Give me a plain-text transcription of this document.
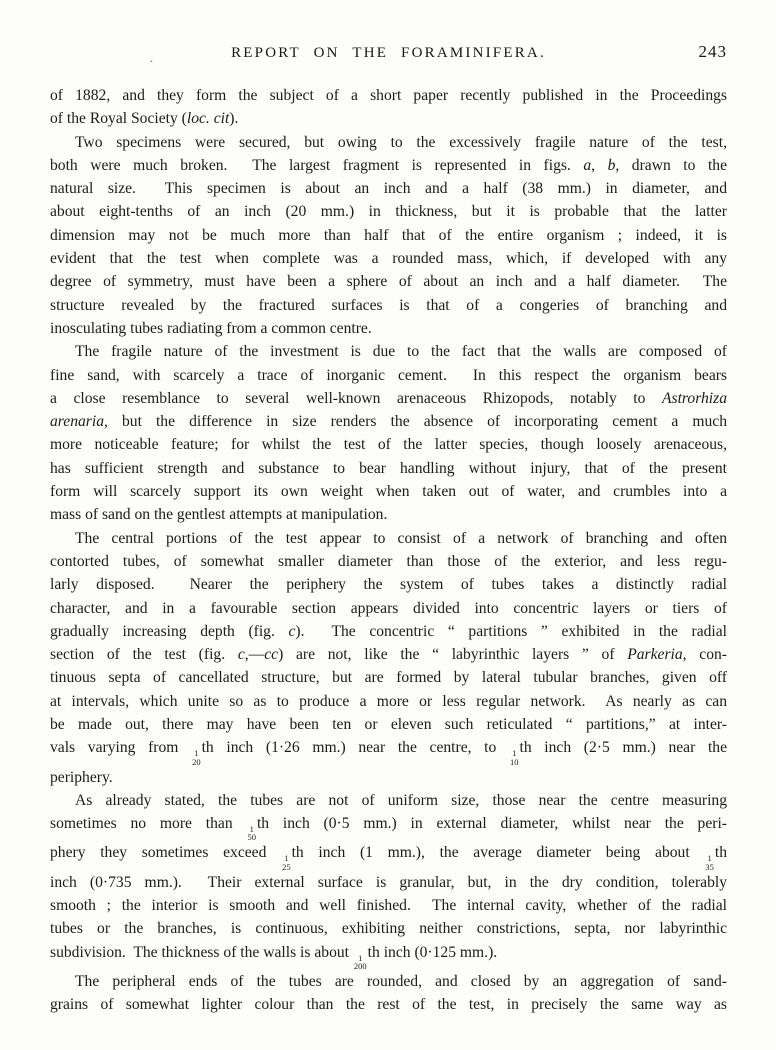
.	REPORT ON THE FORAMINIFERA.	243
of 1882, and they form the subject of a short paper recently published in the Proceedings
of the Royal Society (loc. cit).
Two specimens were secured, but owing to the excessively fragile nature of the test,
both were much broken.  The largest fragment is represented in figs. a, b, drawn to the
natural size.  This specimen is about an inch and a half (38 mm.) in diameter, and
about eight-tenths of an inch (20 mm.) in thickness, but it is probable that the latter
dimension may not be much more than half that of the entire organism ; indeed, it is
evident that the test when complete was a rounded mass, which, if developed with any
degree of symmetry, must have been a sphere of about an inch and a half diameter.  The
structure revealed by the fractured surfaces is that of a congeries of branching and
inosculating tubes radiating from a common centre.
The fragile nature of the investment is due to the fact that the walls are composed of
fine sand, with scarcely a trace of inorganic cement.  In this respect the organism bears
a close resemblance to several well-known arenaceous Rhizopods, notably to Astrorhiza
arenaria, but the difference in size renders the absence of incorporating cement a much
more noticeable feature; for whilst the test of the latter species, though loosely arenaceous,
has sufficient strength and substance to bear handling without injury, that of the present
form will scarcely support its own weight when taken out of water, and crumbles into a
mass of sand on the gentlest attempts at manipulation.
The central portions of the test appear to consist of a network of branching and often
contorted tubes, of somewhat smaller diameter than those of the exterior, and less regu-
larly disposed.  Nearer the periphery the system of tubes takes a distinctly radial
character, and in a favourable section appears divided into concentric layers or tiers of
gradually increasing depth (fig. c).  The concentric “ partitions ” exhibited in the radial
section of the test (fig. c,—cc) are not, like the “ labyrinthic layers ” of Parkeria, con-
tinuous septa of cancellated structure, but are formed by lateral tubular branches, given off
at intervals, which unite so as to produce a more or less regular network.  As nearly as can
be made out, there may have been ten or eleven such reticulated “ partitions,” at inter-
vals varying from 1
20
th inch (1·26 mm.) near the centre, to 1
10
th inch (2·5 mm.) near the
periphery.
As already stated, the tubes are not of uniform size, those near the centre measuring
sometimes no more than 1
50
th inch (0·5 mm.) in external diameter, whilst near the peri-
phery they sometimes exceed 1
25
th inch (1 mm.), the average diameter being about 1
35
th
inch (0·735 mm.).  Their external surface is granular, but, in the dry condition, tolerably
smooth ; the interior is smooth and well finished.  The internal cavity, whether of the radial
tubes or the branches, is continuous, exhibiting neither constrictions, septa, nor labyrinthic
subdivision.  The thickness of the walls is about 1
200
th inch (0·125 mm.).
The peripheral ends of the tubes are rounded, and closed by an aggregation of sand-
grains of somewhat lighter colour than the rest of the test, in precisely the same way as
